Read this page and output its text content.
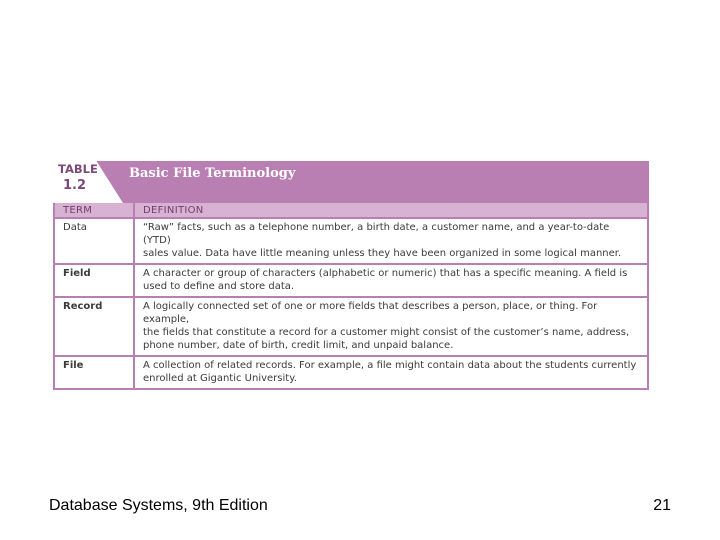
TABLE
1.2
Basic File Terminology
TERM	DEFINITION
Data	“Raw” facts, such as a telephone number, a birth date, a customer name, and a year-to-date (YTD)
sales value. Data have little meaning unless they have been organized in some logical manner.

Field	A character or group of characters (alphabetic or numeric) that has a specific meaning. A field is
used to define and store data.

Record	A logically connected set of one or more fields that describes a person, place, or thing. For example,
the fields that constitute a record for a customer might consist of the customer’s name, address,
phone number, date of birth, credit limit, and unpaid balance.

File	A collection of related records. For example, a file might contain data about the students currently
enrolled at Gigantic University.
Database Systems, 9th Edition	21
